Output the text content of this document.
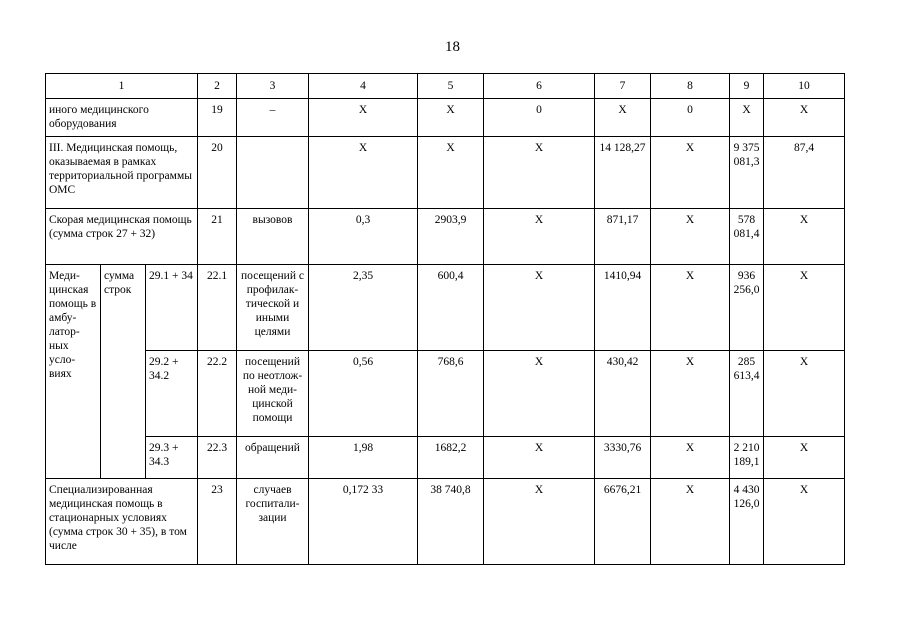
18
1			2	3	4	5	6	7	8	9	10
иного медицинского оборудования			19	–	X	X	0	X	0	X	X
III. Медицинская помощь, оказываемая в рамках территориальной программы ОМС			20		X	X	X	14 128,27	X	9 375 081,3	87,4
Скорая медицинская помощь (сумма строк 27 + 32)			21	вызовов	0,3	2903,9	X	871,17	X	578 081,4	X
Меди-цинская помощь в амбу-латор-ных усло-виях	сумма строк	29.1 + 34	22.1	посещений с профилак-тической и иными целями	2,35	600,4	X	1410,94	X	936 256,0	X
		29.2 + 34.2	22.2	посещений по неотлож-ной меди-цинской помощи	0,56	768,6	X	430,42	X	285 613,4	X
		29.3 + 34.3	22.3	обращений	1,98	1682,2	X	3330,76	X	2 210 189,1	X
Специализированная медицинская помощь в стационарных условиях (сумма строк 30 + 35), в том числе			23	случаев госпитали-зации	0,172 33	38 740,8	X	6676,21	X	4 430 126,0	X
